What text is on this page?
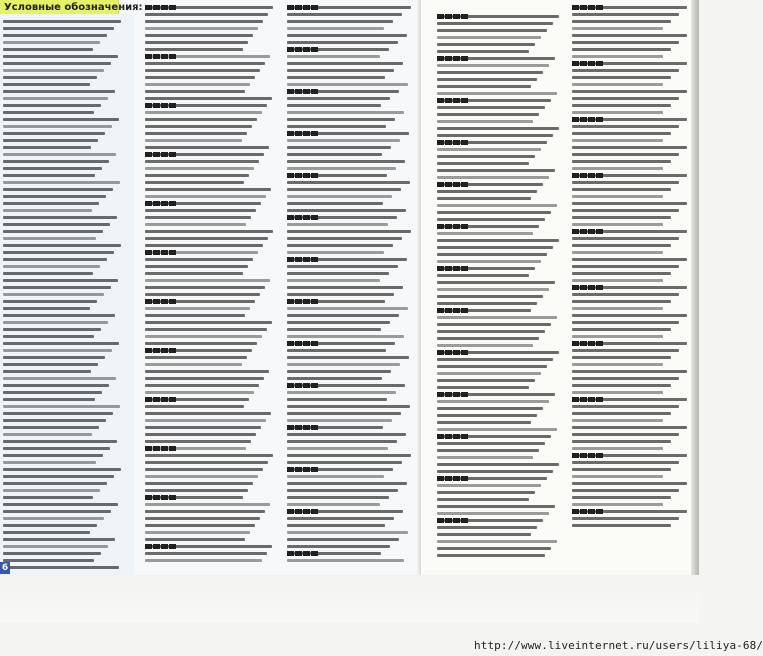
Условные обозначения:
6
http://www.liveinternet.ru/users/liliya-68/
